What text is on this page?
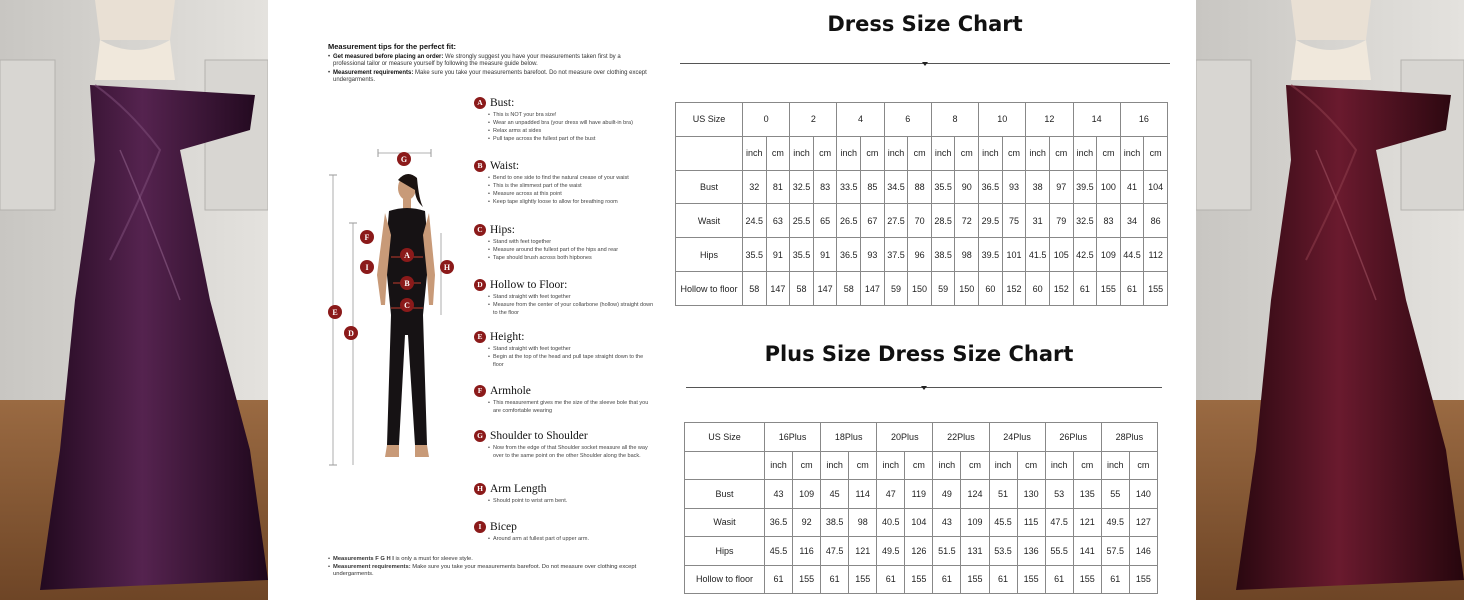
Measurement tips for the perfect fit:
• Get measured before placing an order: We strongly suggest you have your measurements taken first by a professional tailor or measure yourself by following the measure guide below.
• Measurement requirements: Make sure you take your measurements barefoot. Do not measure over clothing except undergarments.
G
F
I
A
B
C
H
E
D
A Bust:
• This is NOT your bra size!
• Wear an unpadded bra (your dress will have abuilt-in bra)
• Relax arms at sides
• Pull tape across the fullest part of the bust
B Waist:
• Bend to one side to find the natural crease of your waist
• This is the slimmest part of the waist
• Measure across at this point
• Keep tape slightly loose to allow for breathing room
C Hips:
• Stand with feet together
• Measure around the fullest part of the hips and rear
• Tape should brush across both hipbones
D Hollow to Floor:
• Stand straight with feet together
• Measure from the center of your collarbone (hollow) straight down to the floor
E Height:
• Stand straight with feet together
• Begin at the top of the head and pull tape straight down to the floor
F Armhole
• This measurement gives me the size of the sleeve bole that you are comfortable wearing
G Shoulder to Shoulder
• Now from the edge of that Shoulder socket measure all the way over to the same point on the other Shoulder along the back.
H Arm Length
• Should point to wrist arm bent.
I Bicep
• Around arm at fullest part of upper arm.
• Measurements F G H I is only a must for sleeve style.
• Measurement requirements: Make sure you take your measurements barefoot. Do not measure over clothing except undergarments.
Dress Size Chart
US Size	0		2		4		6		8		10		12		14		16	
	inch	cm	inch	cm	inch	cm	inch	cm	inch	cm	inch	cm	inch	cm	inch	cm	inch	cm
Bust	32	81	32.5	83	33.5	85	34.5	88	35.5	90	36.5	93	38	97	39.5	100	41	104
Wasit	24.5	63	25.5	65	26.5	67	27.5	70	28.5	72	29.5	75	31	79	32.5	83	34	86
Hips	35.5	91	35.5	91	36.5	93	37.5	96	38.5	98	39.5	101	41.5	105	42.5	109	44.5	112
Hollow to floor	58	147	58	147	58	147	59	150	59	150	60	152	60	152	61	155	61	155
Plus Size Dress Size Chart
US Size	16Plus		18Plus		20Plus		22Plus		24Plus		26Plus		28Plus	
	inch	cm	inch	cm	inch	cm	inch	cm	inch	cm	inch	cm	inch	cm
Bust	43	109	45	114	47	119	49	124	51	130	53	135	55	140
Wasit	36.5	92	38.5	98	40.5	104	43	109	45.5	115	47.5	121	49.5	127
Hips	45.5	116	47.5	121	49.5	126	51.5	131	53.5	136	55.5	141	57.5	146
Hollow to floor	61	155	61	155	61	155	61	155	61	155	61	155	61	155
